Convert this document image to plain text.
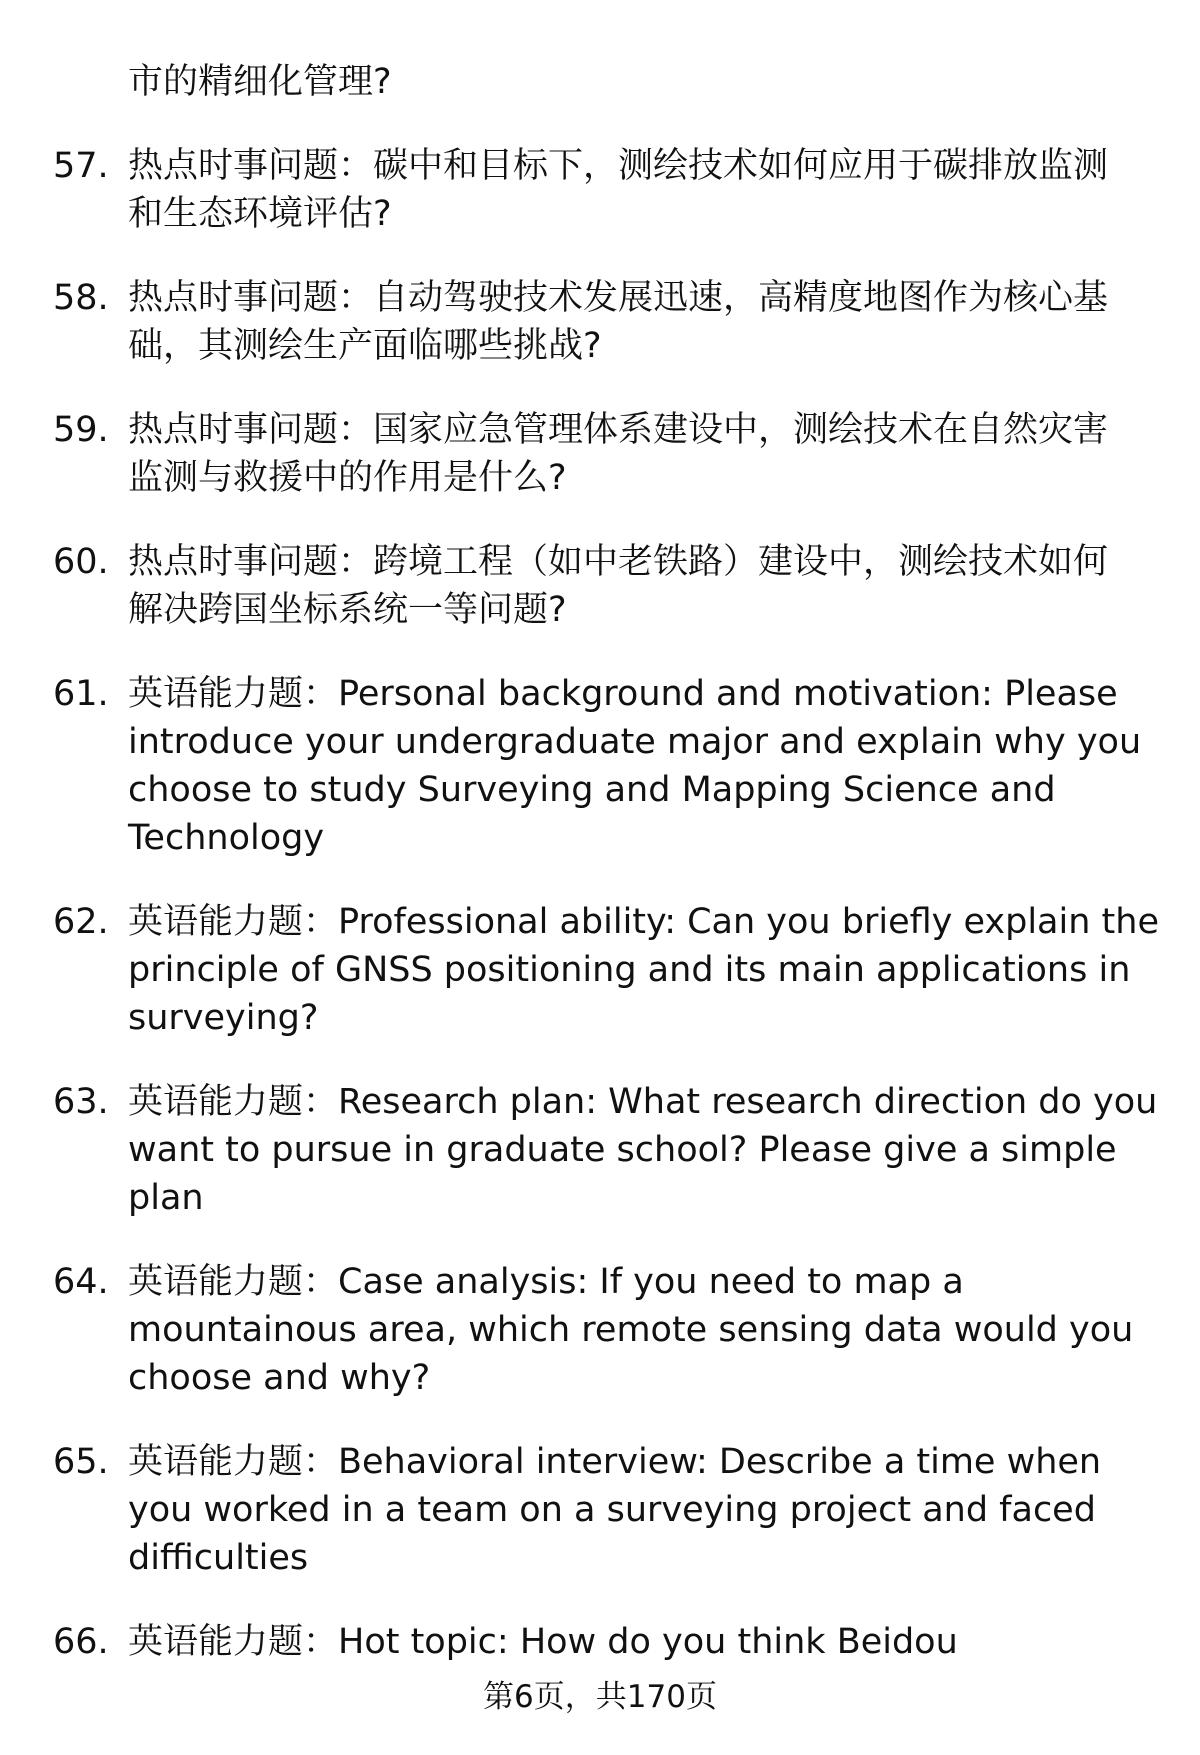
市的精细化管理?
57. 热点时事问题：碳中和目标下，测绘技术如何应用于碳排放监测
和生态环境评估?
58. 热点时事问题：自动驾驶技术发展迅速，高精度地图作为核心基
础，其测绘生产面临哪些挑战?
59. 热点时事问题：国家应急管理体系建设中，测绘技术在自然灾害
监测与救援中的作用是什么?
60. 热点时事问题：跨境工程（如中老铁路）建设中，测绘技术如何
解决跨国坐标系统一等问题?
61. 英语能力题：Personal background and motivation: Please
introduce your undergraduate major and explain why you
choose to study Surveying and Mapping Science and
Technology
62. 英语能力题：Professional ability: Can you briefly explain the
principle of GNSS positioning and its main applications in
surveying?
63. 英语能力题：Research plan: What research direction do you
want to pursue in graduate school? Please give a simple
plan
64. 英语能力题：Case analysis: If you need to map a
mountainous area, which remote sensing data would you
choose and why?
65. 英语能力题：Behavioral interview: Describe a time when
you worked in a team on a surveying project and faced
difficulties
66. 英语能力题：Hot topic: How do you think Beidou
第6页，共170页
